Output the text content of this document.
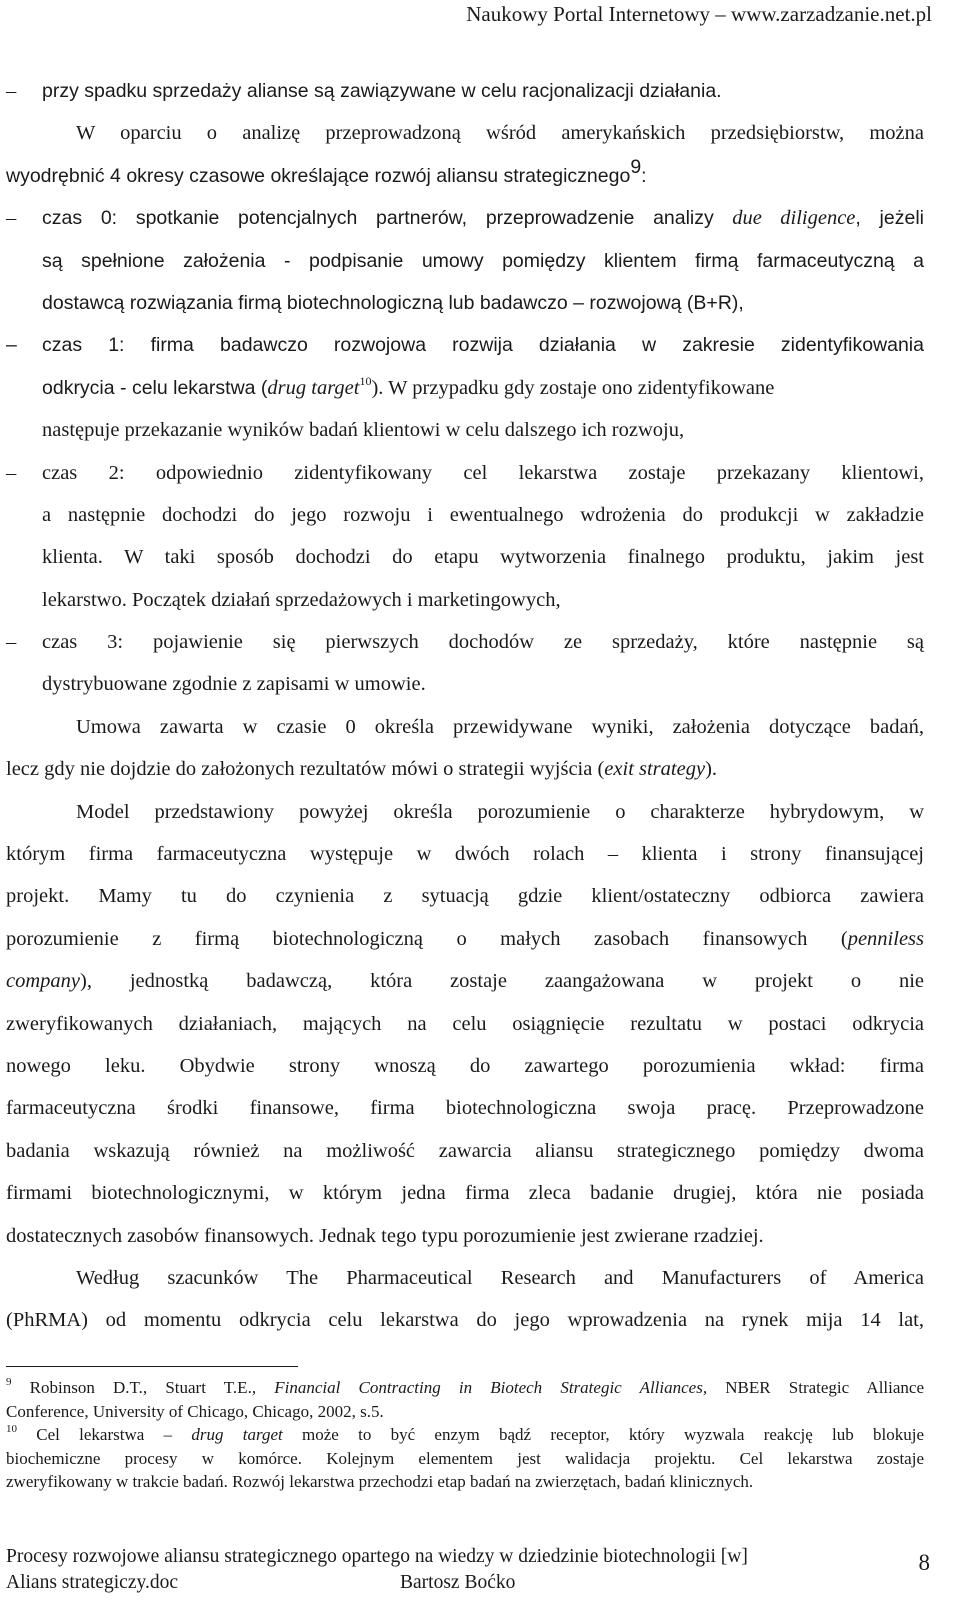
Naukowy Portal Internetowy – www.zarzadzanie.net.pl
– przy spadku sprzedaży alianse są zawiązywane w celu racjonalizacji działania.
W oparciu o analizę przeprowadzoną wśród amerykańskich przedsiębiorstw, można
wyodrębnić 4 okresy czasowe określające rozwój aliansu strategicznego$^9$:
– czas 0: spotkanie potencjalnych partnerów, przeprowadzenie analizy due diligence, jeżeli
są spełnione założenia - podpisanie umowy pomiędzy klientem firmą farmaceutyczną a
dostawcą rozwiązania firmą biotechnologiczną lub badawczo – rozwojową (B+R),
– czas 1: firma badawczo rozwojowa rozwija działania w zakresie zidentyfikowania
odkrycia - celu lekarstwa (drug target$^{10}$). W przypadku gdy zostaje ono zidentyfikowane
następuje przekazanie wyników badań klientowi w celu dalszego ich rozwoju,
– czas 2: odpowiednio zidentyfikowany cel lekarstwa zostaje przekazany klientowi,
a następnie dochodzi do jego rozwoju i ewentualnego wdrożenia do produkcji w zakładzie
klienta. W taki sposób dochodzi do etapu wytworzenia finalnego produktu, jakim jest
lekarstwo. Początek działań sprzedażowych i marketingowych,
– czas 3: pojawienie się pierwszych dochodów ze sprzedaży, które następnie są
dystrybuowane zgodnie z zapisami w umowie.
Umowa zawarta w czasie 0 określa przewidywane wyniki, założenia dotyczące badań,
lecz gdy nie dojdzie do założonych rezultatów mówi o strategii wyjścia (exit strategy).
Model przedstawiony powyżej określa porozumienie o charakterze hybrydowym, w
którym firma farmaceutyczna występuje w dwóch rolach – klienta i strony finansującej
projekt. Mamy tu do czynienia z sytuacją gdzie klient/ostateczny odbiorca zawiera
porozumienie z firmą biotechnologiczną o małych zasobach finansowych (penniless
company), jednostką badawczą, która zostaje zaangażowana w projekt o nie
zweryfikowanych działaniach, mających na celu osiągnięcie rezultatu w postaci odkrycia
nowego leku. Obydwie strony wnoszą do zawartego porozumienia wkład: firma
farmaceutyczna środki finansowe, firma biotechnologiczna swoja pracę. Przeprowadzone
badania wskazują również na możliwość zawarcia aliansu strategicznego pomiędzy dwoma
firmami biotechnologicznymi, w którym jedna firma zleca badanie drugiej, która nie posiada
dostatecznych zasobów finansowych. Jednak tego typu porozumienie jest zwierane rzadziej.
Według szacunków The Pharmaceutical Research and Manufacturers of America
(PhRMA) od momentu odkrycia celu lekarstwa do jego wprowadzenia na rynek mija 14 lat,
$^9$ Robinson D.T., Stuart T.E., Financial Contracting in Biotech Strategic Alliances, NBER Strategic Alliance
Conference, University of Chicago, Chicago, 2002, s.5.
$^{10}$ Cel lekarstwa – drug target może to być enzym bądź receptor, który wyzwala reakcję lub blokuje
biochemiczne procesy w komórce. Kolejnym elementem jest walidacja projektu. Cel lekarstwa zostaje
zweryfikowany w trakcie badań. Rozwój lekarstwa przechodzi etap badań na zwierzętach, badań klinicznych.
Procesy rozwojowe aliansu strategicznego opartego na wiedzy w dziedzinie biotechnologii [w]
Alians strategiczy.doc	Bartosz Boćko
8
